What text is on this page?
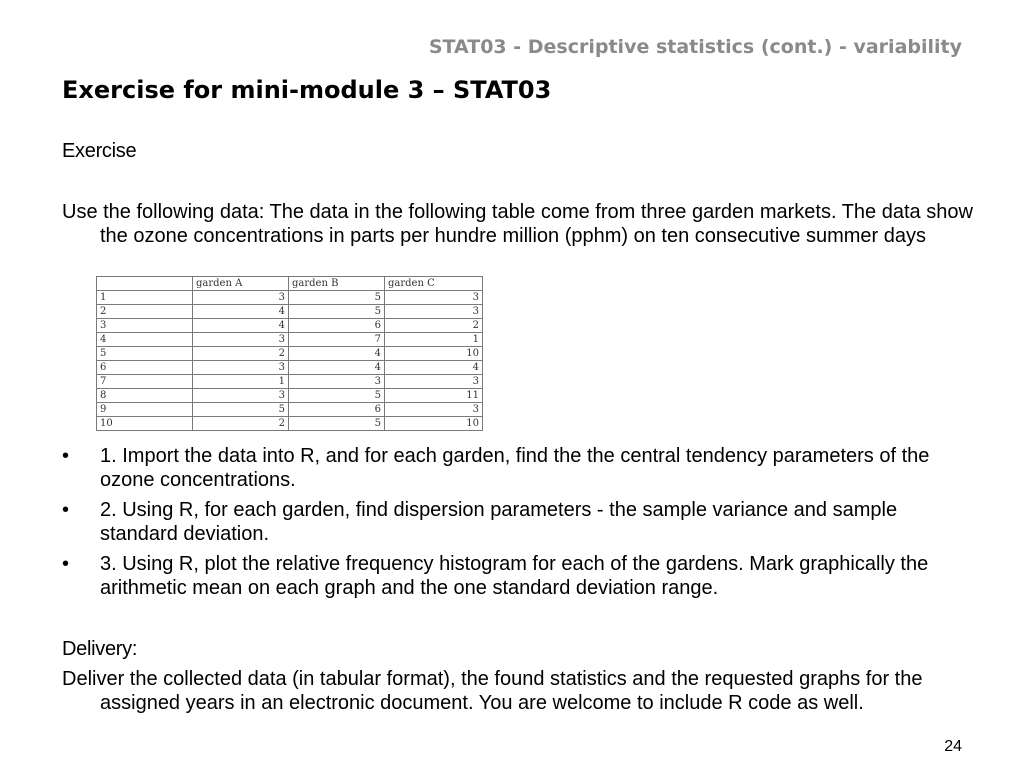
STAT03 - Descriptive statistics (cont.) - variability
Exercise for mini-module 3 – STAT03
Exercise

Use the following data: The data in the following table come from three garden markets. The data show the ozone concentrations in parts per hundre million (pphm) on ten consecutive summer days

	garden A	garden B	garden C
1	3	5	3
2	4	5	3
3	4	6	2
4	3	7	1
5	2	4	10
6	3	4	4
7	1	3	3
8	3	5	11
9	5	6	3
10	2	5	10
• 1. Import the data into R, and for each garden, find the the central tendency parameters of the ozone concentrations.
• 2. Using R, for each garden, find dispersion parameters - the sample variance and sample standard deviation.
• 3. Using R, plot the relative frequency histogram for each of the gardens. Mark graphically the arithmetic mean on each graph and the one standard deviation range.
Delivery:

Deliver the collected data (in tabular format), the found statistics and the requested graphs for the assigned years in an electronic document. You are welcome to include R code as well.

24
